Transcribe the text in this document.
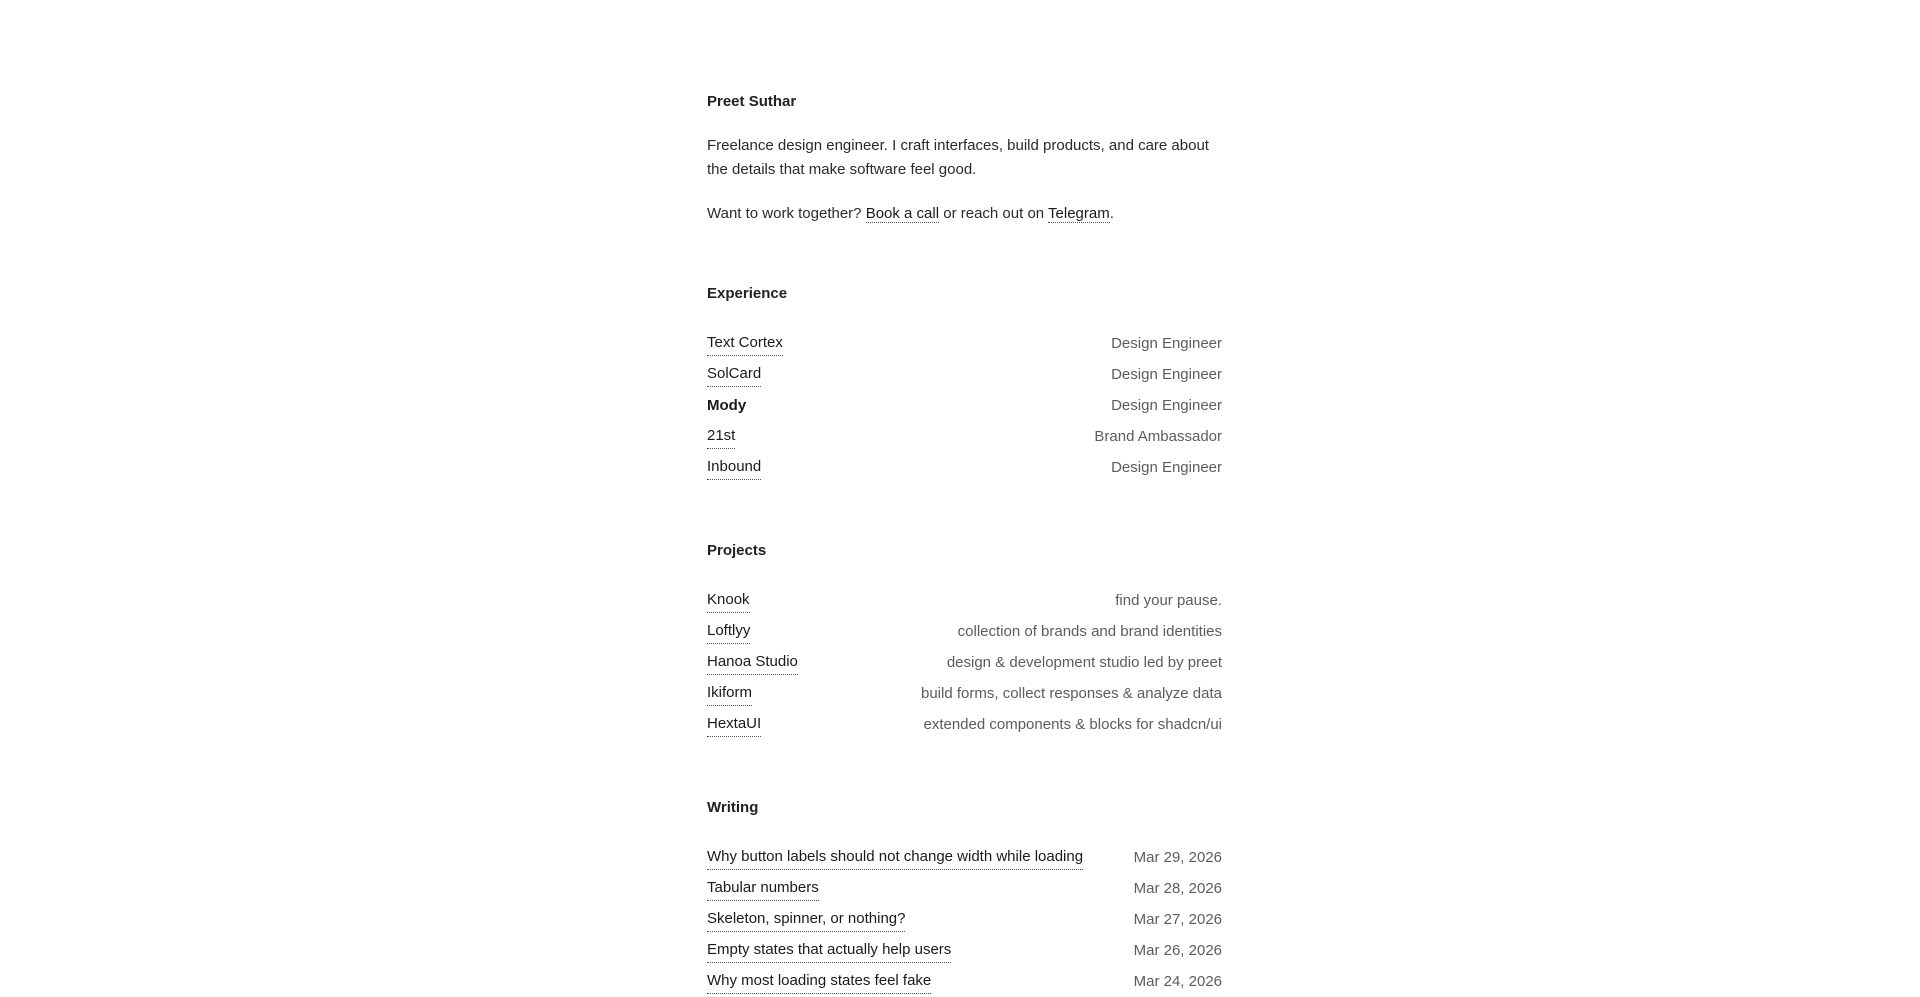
Preet Suthar

Freelance design engineer. I craft interfaces, build products, and care about the details that make software feel good.

Want to work together? Book a call or reach out on Telegram.

Experience
Text Cortex	Design Engineer
SolCard	Design Engineer
Mody	Design Engineer
21st	Brand Ambassador
Inbound	Design Engineer
Projects
Knook	find your pause.
Loftlyy	collection of brands and brand identities
Hanoa Studio	design & development studio led by preet
Ikiform	build forms, collect responses & analyze data
HextaUI	extended components & blocks for shadcn/ui
Writing
Why button labels should not change width while loading	Mar 29, 2026
Tabular numbers	Mar 28, 2026
Skeleton, spinner, or nothing?	Mar 27, 2026
Empty states that actually help users	Mar 26, 2026
Why most loading states feel fake	Mar 24, 2026
